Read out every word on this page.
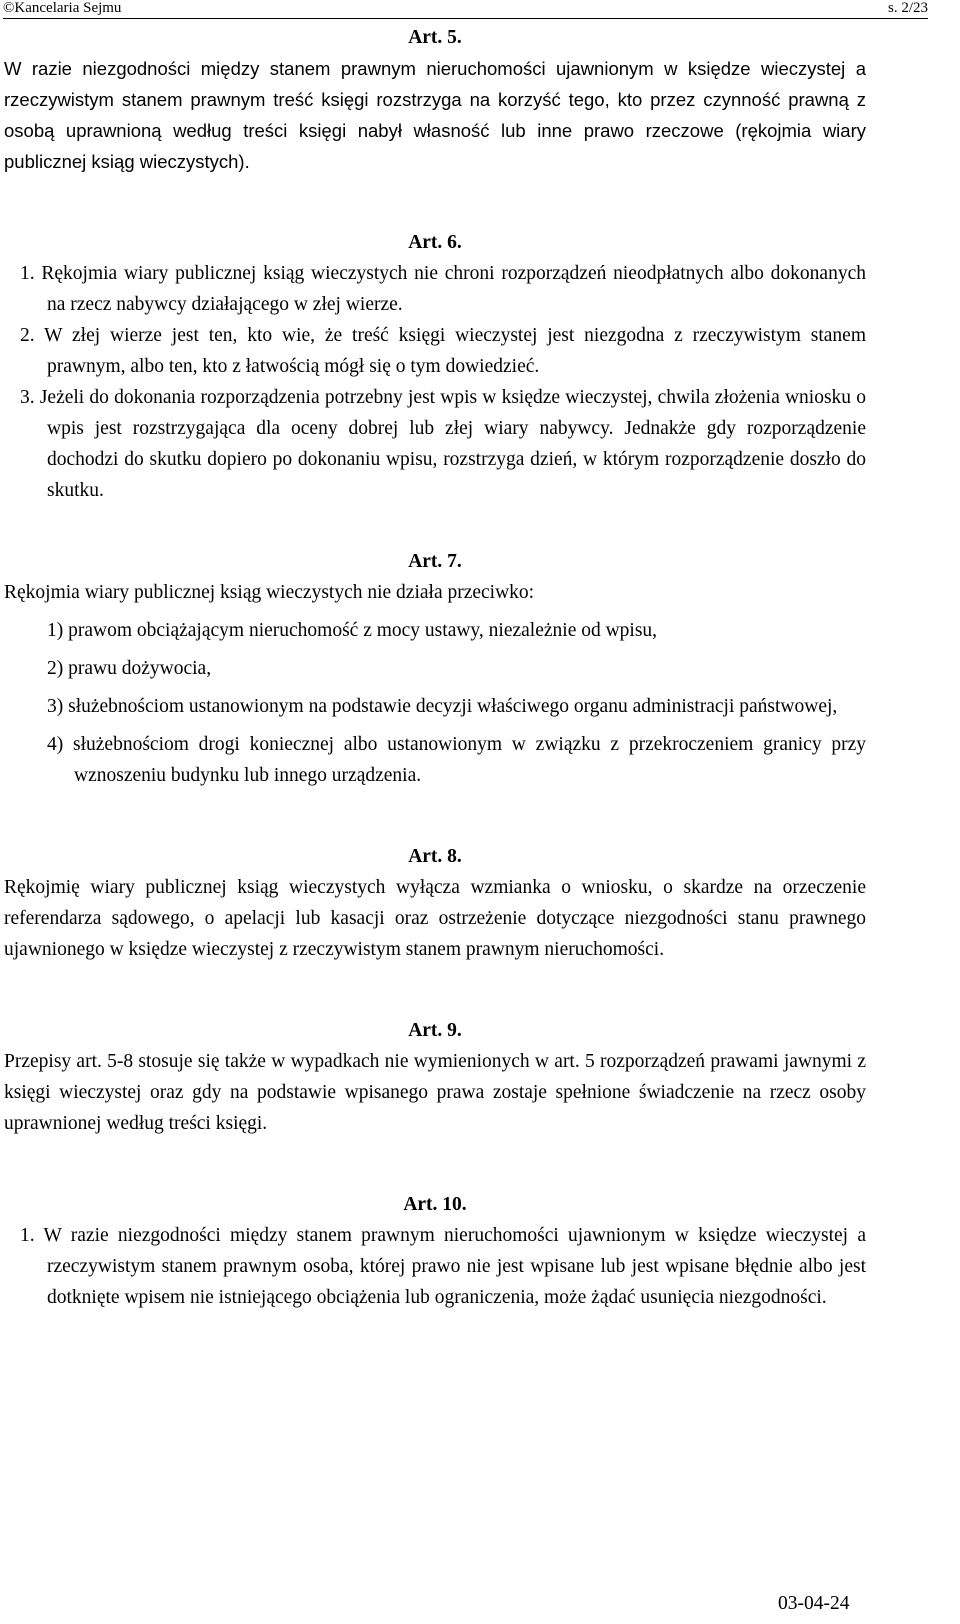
©Kancelaria Sejmu	s. 2/23

Art. 5.

W razie niezgodności między stanem prawnym nieruchomości ujawnionym w księdze wieczystej a rzeczywistym stanem prawnym treść księgi rozstrzyga na korzyść tego, kto przez czynność prawną z osobą uprawnioną według treści księgi nabył własność lub inne prawo rzeczowe (rękojmia wiary publicznej ksiąg wieczystych).

Art. 6.

1. Rękojmia wiary publicznej ksiąg wieczystych nie chroni rozporządzeń nieodpłatnych albo dokonanych na rzecz nabywcy działającego w złej wierze.

2. W złej wierze jest ten, kto wie, że treść księgi wieczystej jest niezgodna z rzeczywistym stanem prawnym, albo ten, kto z łatwością mógł się o tym dowiedzieć.

3. Jeżeli do dokonania rozporządzenia potrzebny jest wpis w księdze wieczystej, chwila złożenia wniosku o wpis jest rozstrzygająca dla oceny dobrej lub złej wiary nabywcy. Jednakże gdy rozporządzenie dochodzi do skutku dopiero po dokonaniu wpisu, rozstrzyga dzień, w którym rozporządzenie doszło do skutku.

Art. 7.

Rękojmia wiary publicznej ksiąg wieczystych nie działa przeciwko:

1) prawom obciążającym nieruchomość z mocy ustawy, niezależnie od wpisu,

2) prawu dożywocia,

3) służebnościom ustanowionym na podstawie decyzji właściwego organu administracji państwowej,

4) służebnościom drogi koniecznej albo ustanowionym w związku z przekroczeniem granicy przy wznoszeniu budynku lub innego urządzenia.

Art. 8.

Rękojmię wiary publicznej ksiąg wieczystych wyłącza wzmianka o wniosku, o skardze na orzeczenie referendarza sądowego, o apelacji lub kasacji oraz ostrzeżenie dotyczące niezgodności stanu prawnego ujawnionego w księdze wieczystej z rzeczywistym stanem prawnym nieruchomości.

Art. 9.

Przepisy art. 5-8 stosuje się także w wypadkach nie wymienionych w art. 5 rozporządzeń prawami jawnymi z księgi wieczystej oraz gdy na podstawie wpisanego prawa zostaje spełnione świadczenie na rzecz osoby uprawnionej według treści księgi.

Art. 10.

1. W razie niezgodności między stanem prawnym nieruchomości ujawnionym w księdze wieczystej a rzeczywistym stanem prawnym osoba, której prawo nie jest wpisane lub jest wpisane błędnie albo jest dotknięte wpisem nie istniejącego obciążenia lub ograniczenia, może żądać usunięcia niezgodności.

03-04-24
